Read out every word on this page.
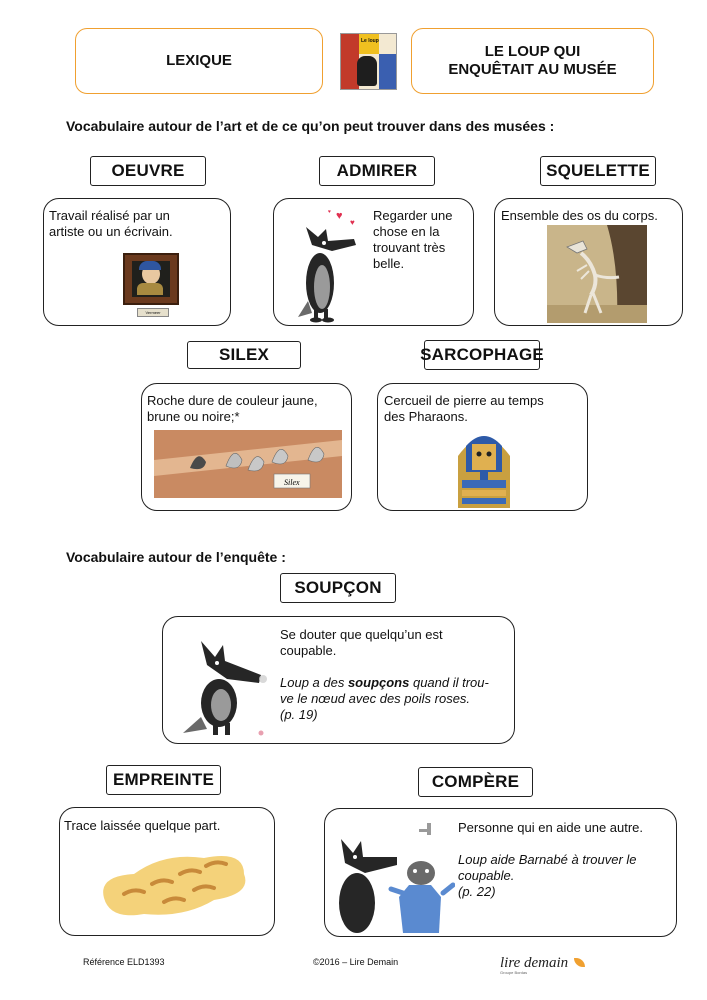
LEXIQUE
Le loup
LE LOUP QUI
ENQUÊTAIT AU MUSÉE
Vocabulaire autour de l’art et de ce qu’on peut trouver dans des musées :
OEUVRE
Travail réalisé par un
artiste ou un écrivain.
Vermeer
ADMIRER
Regarder une
chose en la
trouvant très
belle.
♥
♥
♥
SQUELETTE
Ensemble des os du corps.
SILEX
Roche dure de couleur jaune,
brune ou noire;*
Silex
SARCOPHAGE
Cercueil de pierre au temps
des Pharaons.
Vocabulaire autour de l’enquête :
SOUPÇON
Se douter que quelqu’un est
coupable.
Loup a des soupçons quand il trou-
ve le nœud avec des poils roses.
(p. 19)
EMPREINTE
Trace laissée quelque part.
COMPÈRE
Personne qui en aide une autre.
Loup aide Barnabé à trouver le
coupable.
(p. 22)
Référence ELD1393	©2016 – Lire Demain	lire demain
Groupe Bordas
